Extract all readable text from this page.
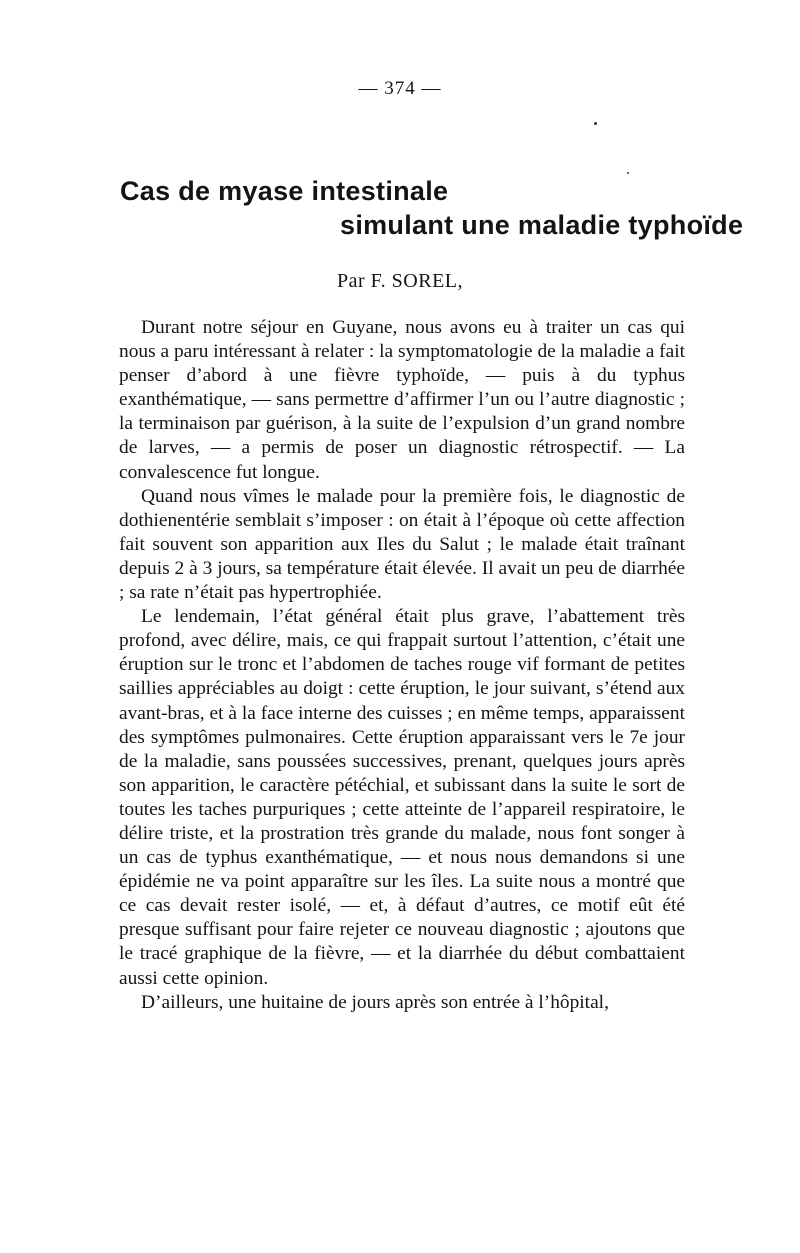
— 374 —
Cas de myase intestinale
simulant une maladie typhoïde
Par F. SOREL,

Durant notre séjour en Guyane, nous avons eu à traiter un cas qui nous a paru intéressant à relater : la symptomatologie de la maladie a fait penser d’abord à une fièvre typhoïde, — puis à du typhus exanthématique, — sans permettre d’affirmer l’un ou l’autre diagnostic ; la terminaison par guérison, à la suite de l’expulsion d’un grand nombre de larves, — a permis de poser un diagnostic rétrospectif. — La convalescence fut longue.

Quand nous vîmes le malade pour la première fois, le diagnostic de dothienentérie semblait s’imposer : on était à l’époque où cette affection fait souvent son apparition aux Iles du Salut ; le malade était traînant depuis 2 à 3 jours, sa température était élevée. Il avait un peu de diarrhée ; sa rate n’était pas hypertrophiée.

Le lendemain, l’état général était plus grave, l’abattement très profond, avec délire, mais, ce qui frappait surtout l’attention, c’était une éruption sur le tronc et l’abdomen de taches rouge vif formant de petites saillies appréciables au doigt : cette éruption, le jour suivant, s’étend aux avant-bras, et à la face interne des cuisses ; en même temps, apparaissent des symptômes pulmonaires. Cette éruption apparaissant vers le 7e jour de la maladie, sans poussées successives, prenant, quelques jours après son apparition, le caractère pétéchial, et subissant dans la suite le sort de toutes les taches purpuriques ; cette atteinte de l’appareil respiratoire, le délire triste, et la prostration très grande du malade, nous font songer à un cas de typhus exanthématique, — et nous nous demandons si une épidémie ne va point apparaître sur les îles. La suite nous a montré que ce cas devait rester isolé, — et, à défaut d’autres, ce motif eût été presque suffisant pour faire rejeter ce nouveau diagnostic ; ajoutons que le tracé graphique de la fièvre, — et la diarrhée du début combattaient aussi cette opinion.

D’ailleurs, une huitaine de jours après son entrée à l’hôpital,
